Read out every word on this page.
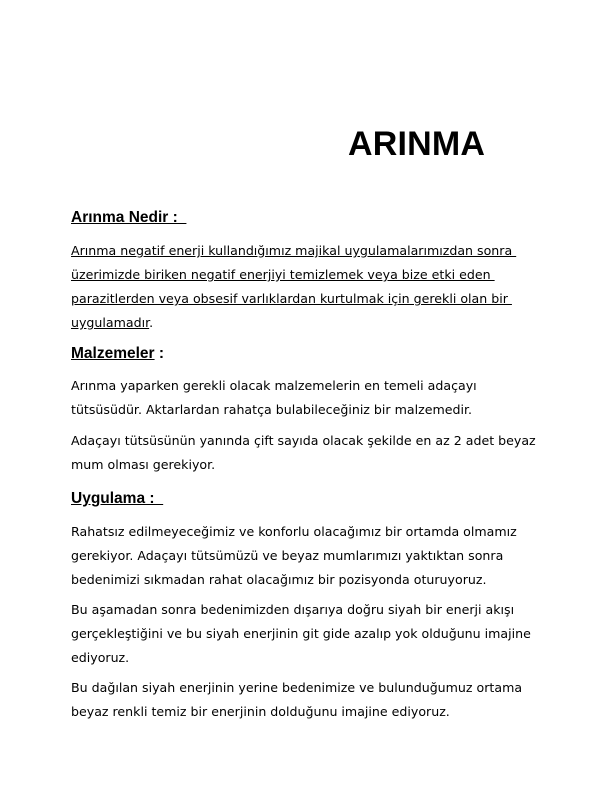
ARINMA
Arınma Nedir :

Arınma negatif enerji kullandığımız majikal uygulamalarımızdan sonra
üzerimizde biriken negatif enerjiyi temizlemek veya bize etki eden
parazitlerden veya obsesif varlıklardan kurtulmak için gerekli olan bir
uygulamadır.

Malzemeler :

Arınma yaparken gerekli olacak malzemelerin en temeli adaçayı
tütsüsüdür. Aktarlardan rahatça bulabileceğiniz bir malzemedir.

Adaçayı tütsüsünün yanında çift sayıda olacak şekilde en az 2 adet beyaz
mum olması gerekiyor.

Uygulama :

Rahatsız edilmeyeceğimiz ve konforlu olacağımız bir ortamda olmamız
gerekiyor. Adaçayı tütsümüzü ve beyaz mumlarımızı yaktıktan sonra
bedenimizi sıkmadan rahat olacağımız bir pozisyonda oturuyoruz.

Bu aşamadan sonra bedenimizden dışarıya doğru siyah bir enerji akışı
gerçekleştiğini ve bu siyah enerjinin git gide azalıp yok olduğunu imajine
ediyoruz.

Bu dağılan siyah enerjinin yerine bedenimize ve bulunduğumuz ortama
beyaz renkli temiz bir enerjinin dolduğunu imajine ediyoruz.
